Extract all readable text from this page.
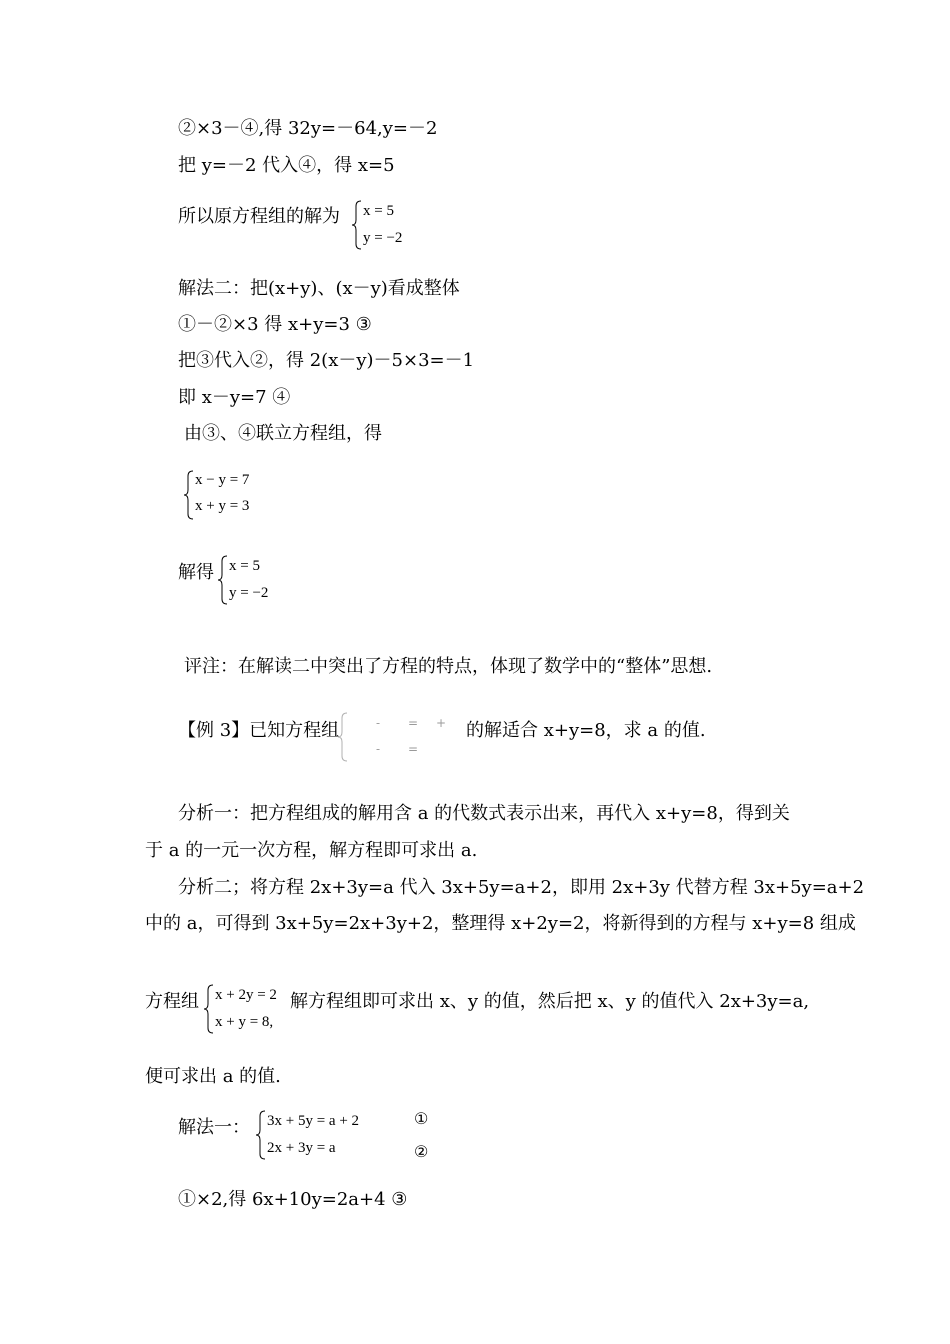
②×3－④,得 32y=－64,y=－2
把 y=－2 代入④，得 x=5
所以原方程组的解为 x = 5
y = −2
解法二：把(x+y)、(x－y)看成整体
①－②×3 得 x+y=3 ③
把③代入②，得 2(x－y)－5×3=－1
即 x－y=7 ④
由③、④联立方程组，得
x − y = 7
x + y = 3
解得 x = 5
y = −2
评注：在解读二中突出了方程的特点，体现了数学中的“整体”思想.
【例 3】已知方程组	- = +
- =
的解适合 x+y=8，求 a 的值.
分析一：把方程组成的解用含 a 的代数式表示出来，再代入 x+y=8，得到关
于 a 的一元一次方程，解方程即可求出 a.
分析二；将方程 2x+3y=a 代入 3x+5y=a+2，即用 2x+3y 代替方程 3x+5y=a+2
中的 a，可得到 3x+5y=2x+3y+2，整理得 x+2y=2，将新得到的方程与 x+y=8 组成
方程组 x + 2y = 2
x + y = 8,
解方程组即可求出 x、y 的值，然后把 x、y 的值代入 2x+3y=a,
便可求出 a 的值.
解法一： 3x + 5y = a + 2
2x + 3y = a
①
②
①×2,得 6x+10y=2a+4 ③
